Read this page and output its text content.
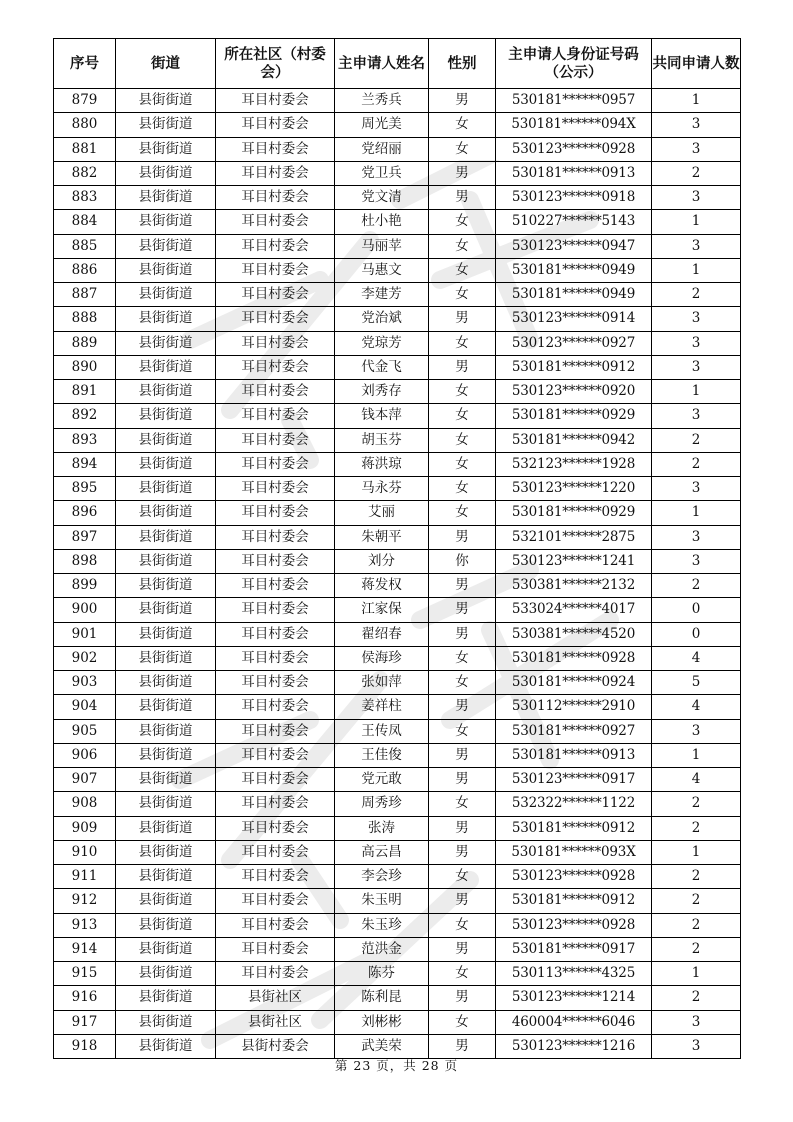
序号	街道	所在社区（村委会）	主申请人姓名	性别	主申请人身份证号码（公示）	共同申请人数
879	县街街道	耳目村委会	兰秀兵	男	530181******0957	1
880	县街街道	耳目村委会	周光美	女	530181******094X	3
881	县街街道	耳目村委会	党绍丽	女	530123******0928	3
882	县街街道	耳目村委会	党卫兵	男	530181******0913	2
883	县街街道	耳目村委会	党文清	男	530123******0918	3
884	县街街道	耳目村委会	杜小艳	女	510227******5143	1
885	县街街道	耳目村委会	马丽苹	女	530123******0947	3
886	县街街道	耳目村委会	马惠文	女	530181******0949	1
887	县街街道	耳目村委会	李建芳	女	530181******0949	2
888	县街街道	耳目村委会	党治斌	男	530123******0914	3
889	县街街道	耳目村委会	党琼芳	女	530123******0927	3
890	县街街道	耳目村委会	代金飞	男	530181******0912	3
891	县街街道	耳目村委会	刘秀存	女	530123******0920	1
892	县街街道	耳目村委会	钱本萍	女	530181******0929	3
893	县街街道	耳目村委会	胡玉芬	女	530181******0942	2
894	县街街道	耳目村委会	蒋洪琼	女	532123******1928	2
895	县街街道	耳目村委会	马永芬	女	530123******1220	3
896	县街街道	耳目村委会	艾丽	女	530181******0929	1
897	县街街道	耳目村委会	朱朝平	男	532101******2875	3
898	县街街道	耳目村委会	刘分	你	530123******1241	3
899	县街街道	耳目村委会	蒋发权	男	530381******2132	2
900	县街街道	耳目村委会	江家保	男	533024******4017	0
901	县街街道	耳目村委会	翟绍春	男	530381******4520	0
902	县街街道	耳目村委会	侯海珍	女	530181******0928	4
903	县街街道	耳目村委会	张如萍	女	530181******0924	5
904	县街街道	耳目村委会	姜祥柱	男	530112******2910	4
905	县街街道	耳目村委会	王传凤	女	530181******0927	3
906	县街街道	耳目村委会	王佳俊	男	530181******0913	1
907	县街街道	耳目村委会	党元敢	男	530123******0917	4
908	县街街道	耳目村委会	周秀珍	女	532322******1122	2
909	县街街道	耳目村委会	张涛	男	530181******0912	2
910	县街街道	耳目村委会	高云昌	男	530181******093X	1
911	县街街道	耳目村委会	李会珍	女	530123******0928	2
912	县街街道	耳目村委会	朱玉明	男	530181******0912	2
913	县街街道	耳目村委会	朱玉珍	女	530123******0928	2
914	县街街道	耳目村委会	范洪金	男	530181******0917	2
915	县街街道	耳目村委会	陈芬	女	530113******4325	1
916	县街街道	县街社区	陈利昆	男	530123******1214	2
917	县街街道	县街社区	刘彬彬	女	460004******6046	3
918	县街街道	县街村委会	武美荣	男	530123******1216	3
第 23 页，共 28 页
